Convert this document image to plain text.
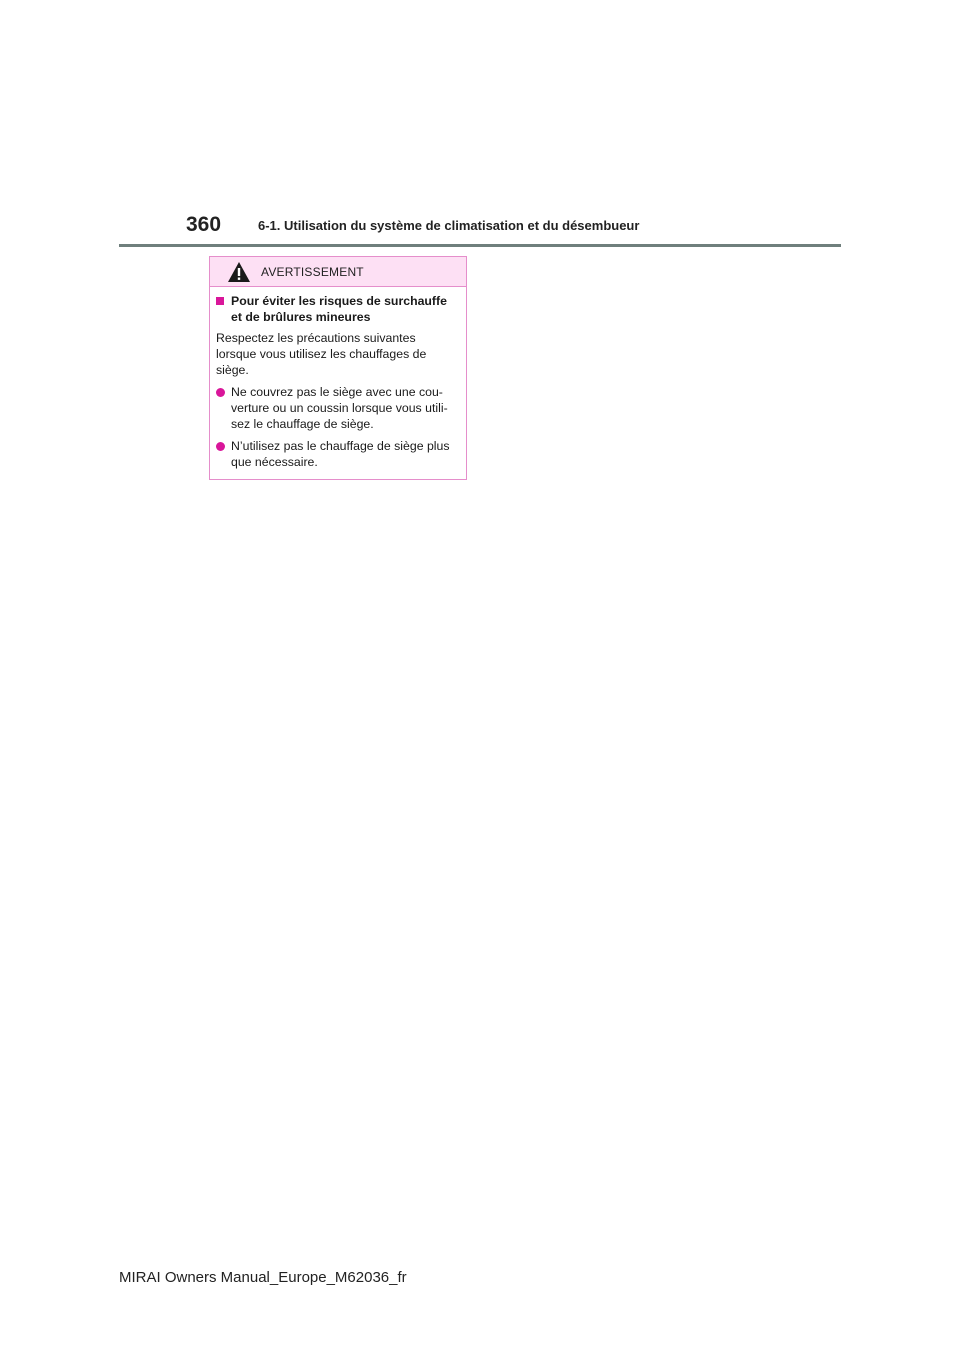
360	6-1. Utilisation du système de climatisation et du désembueur
AVERTISSEMENT
Pour éviter les risques de surchauffe
et de brûlures mineures

Respectez les précautions suivantes
lorsque vous utilisez les chauffages de
siège.

Ne couvrez pas le siège avec une cou-
verture ou un coussin lorsque vous utili-
sez le chauffage de siège.
N’utilisez pas le chauffage de siège plus
que nécessaire.
MIRAI Owners Manual_Europe_M62036_fr
